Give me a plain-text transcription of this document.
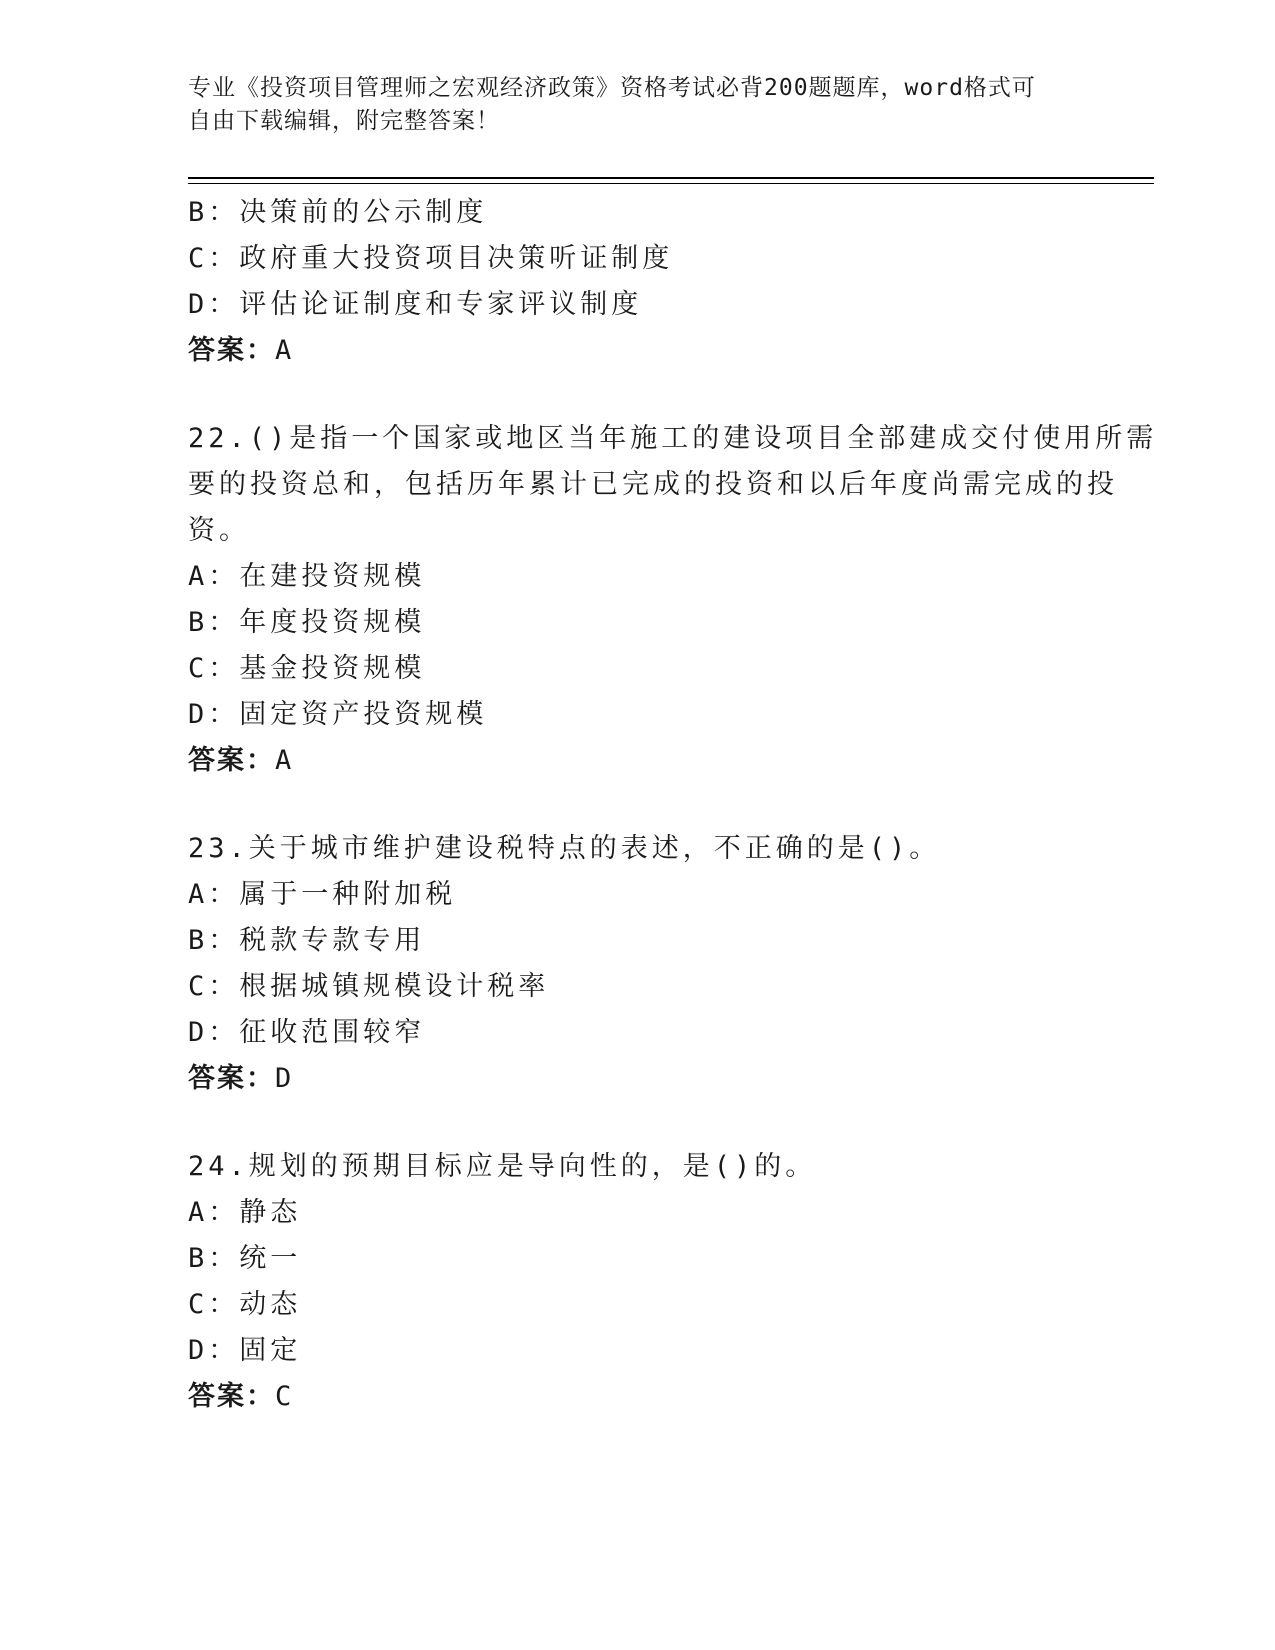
专业《投资项目管理师之宏观经济政策》资格考试必背200题题库，word格式可
自由下载编辑，附完整答案！
B：决策前的公示制度
C：政府重大投资项目决策听证制度
D：评估论证制度和专家评议制度
答案：A
22.()是指一个国家或地区当年施工的建设项目全部建成交付使用所需
要的投资总和，包括历年累计已完成的投资和以后年度尚需完成的投
资。
A：在建投资规模
B：年度投资规模
C：基金投资规模
D：固定资产投资规模
答案：A
23.关于城市维护建设税特点的表述，不正确的是()。
A：属于一种附加税
B：税款专款专用
C：根据城镇规模设计税率
D：征收范围较窄
答案：D
24.规划的预期目标应是导向性的，是()的。
A：静态
B：统一
C：动态
D：固定
答案：C
